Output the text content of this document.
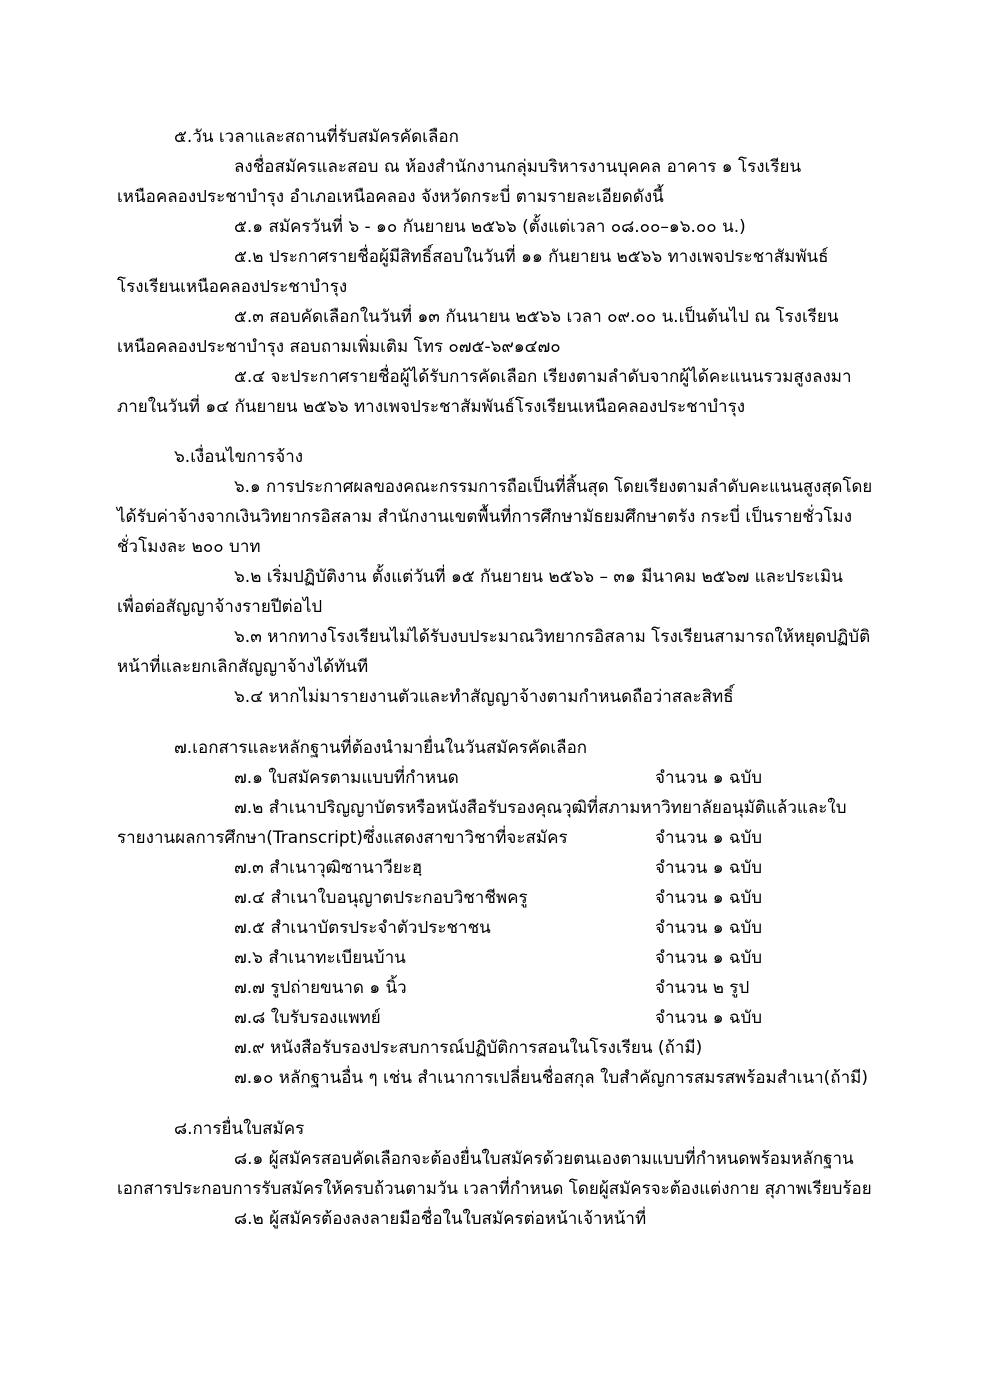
๕.วัน เวลาและสถานที่รับสมัครคัดเลือก
ลงชื่อสมัครและสอบ ณ ห้องสำนักงานกลุ่มบริหารงานบุคคล อาคาร ๑ โรงเรียน
เหนือคลองประชาบำรุง อำเภอเหนือคลอง จังหวัดกระบี่ ตามรายละเอียดดังนี้
๕.๑ สมัครวันที่ ๖ - ๑๐ กันยายน ๒๕๖๖ (ตั้งแต่เวลา ๐๘.๐๐–๑๖.๐๐ น.)
๕.๒ ประกาศรายชื่อผู้มีสิทธิ์สอบในวันที่ ๑๑ กันยายน ๒๕๖๖ ทางเพจประชาสัมพันธ์
โรงเรียนเหนือคลองประชาบำรุง
๕.๓ สอบคัดเลือกในวันที่ ๑๓ กันนายน ๒๕๖๖ เวลา ๐๙.๐๐ น.เป็นต้นไป ณ โรงเรียน
เหนือคลองประชาบำรุง สอบถามเพิ่มเติม โทร ๐๗๕-๖๙๑๔๗๐
๕.๔ จะประกาศรายชื่อผู้ได้รับการคัดเลือก เรียงตามลำดับจากผู้ได้คะแนนรวมสูงลงมา
ภายในวันที่ ๑๔ กันยายน ๒๕๖๖ ทางเพจประชาสัมพันธ์โรงเรียนเหนือคลองประชาบำรุง
๖.เงื่อนไขการจ้าง
๖.๑ การประกาศผลของคณะกรรมการถือเป็นที่สิ้นสุด โดยเรียงตามลำดับคะแนนสูงสุดโดย
ได้รับค่าจ้างจากเงินวิทยากรอิสลาม สำนักงานเขตพื้นที่การศึกษามัธยมศึกษาตรัง กระบี่ เป็นรายชั่วโมง
ชั่วโมงละ ๒๐๐ บาท
๖.๒ เริ่มปฏิบัติงาน ตั้งแต่วันที่ ๑๕ กันยายน ๒๕๖๖ – ๓๑ มีนาคม ๒๕๖๗ และประเมิน
เพื่อต่อสัญญาจ้างรายปีต่อไป
๖.๓ หากทางโรงเรียนไม่ได้รับงบประมาณวิทยากรอิสลาม โรงเรียนสามารถให้หยุดปฏิบัติ
หน้าที่และยกเลิกสัญญาจ้างได้ทันที
๖.๔ หากไม่มารายงานตัวและทำสัญญาจ้างตามกำหนดถือว่าสละสิทธิ์
๗.เอกสารและหลักฐานที่ต้องนำมายื่นในวันสมัครคัดเลือก
๗.๑ ใบสมัครตามแบบที่กำหนด	จำนวน ๑ ฉบับ
๗.๒ สำเนาปริญญาบัตรหรือหนังสือรับรองคุณวุฒิที่สภามหาวิทยาลัยอนุมัติแล้วและใบ
รายงานผลการศึกษา(Transcript)ซึ่งแสดงสาขาวิชาที่จะสมัคร	จำนวน ๑ ฉบับ
๗.๓ สำเนาวุฒิซานาวียะฮฺ	จำนวน ๑ ฉบับ
๗.๔ สำเนาใบอนุญาตประกอบวิชาชีพครู	จำนวน ๑ ฉบับ
๗.๕ สำเนาบัตรประจำตัวประชาชน	จำนวน ๑ ฉบับ
๗.๖ สำเนาทะเบียนบ้าน	จำนวน ๑ ฉบับ
๗.๗ รูปถ่ายขนาด ๑ นิ้ว	จำนวน ๒ รูป
๗.๘ ใบรับรองแพทย์	จำนวน ๑ ฉบับ
๗.๙ หนังสือรับรองประสบการณ์ปฏิบัติการสอนในโรงเรียน (ถ้ามี)
๗.๑๐ หลักฐานอื่น ๆ เช่น สำเนาการเปลี่ยนชื่อสกุล ใบสำคัญการสมรสพร้อมสำเนา(ถ้ามี)
๘.การยื่นใบสมัคร
๘.๑ ผู้สมัครสอบคัดเลือกจะต้องยื่นใบสมัครด้วยตนเองตามแบบที่กำหนดพร้อมหลักฐาน
เอกสารประกอบการรับสมัครให้ครบถ้วนตามวัน เวลาที่กำหนด โดยผู้สมัครจะต้องแต่งกาย สุภาพเรียบร้อย
๘.๒ ผู้สมัครต้องลงลายมือชื่อในใบสมัครต่อหน้าเจ้าหน้าที่
